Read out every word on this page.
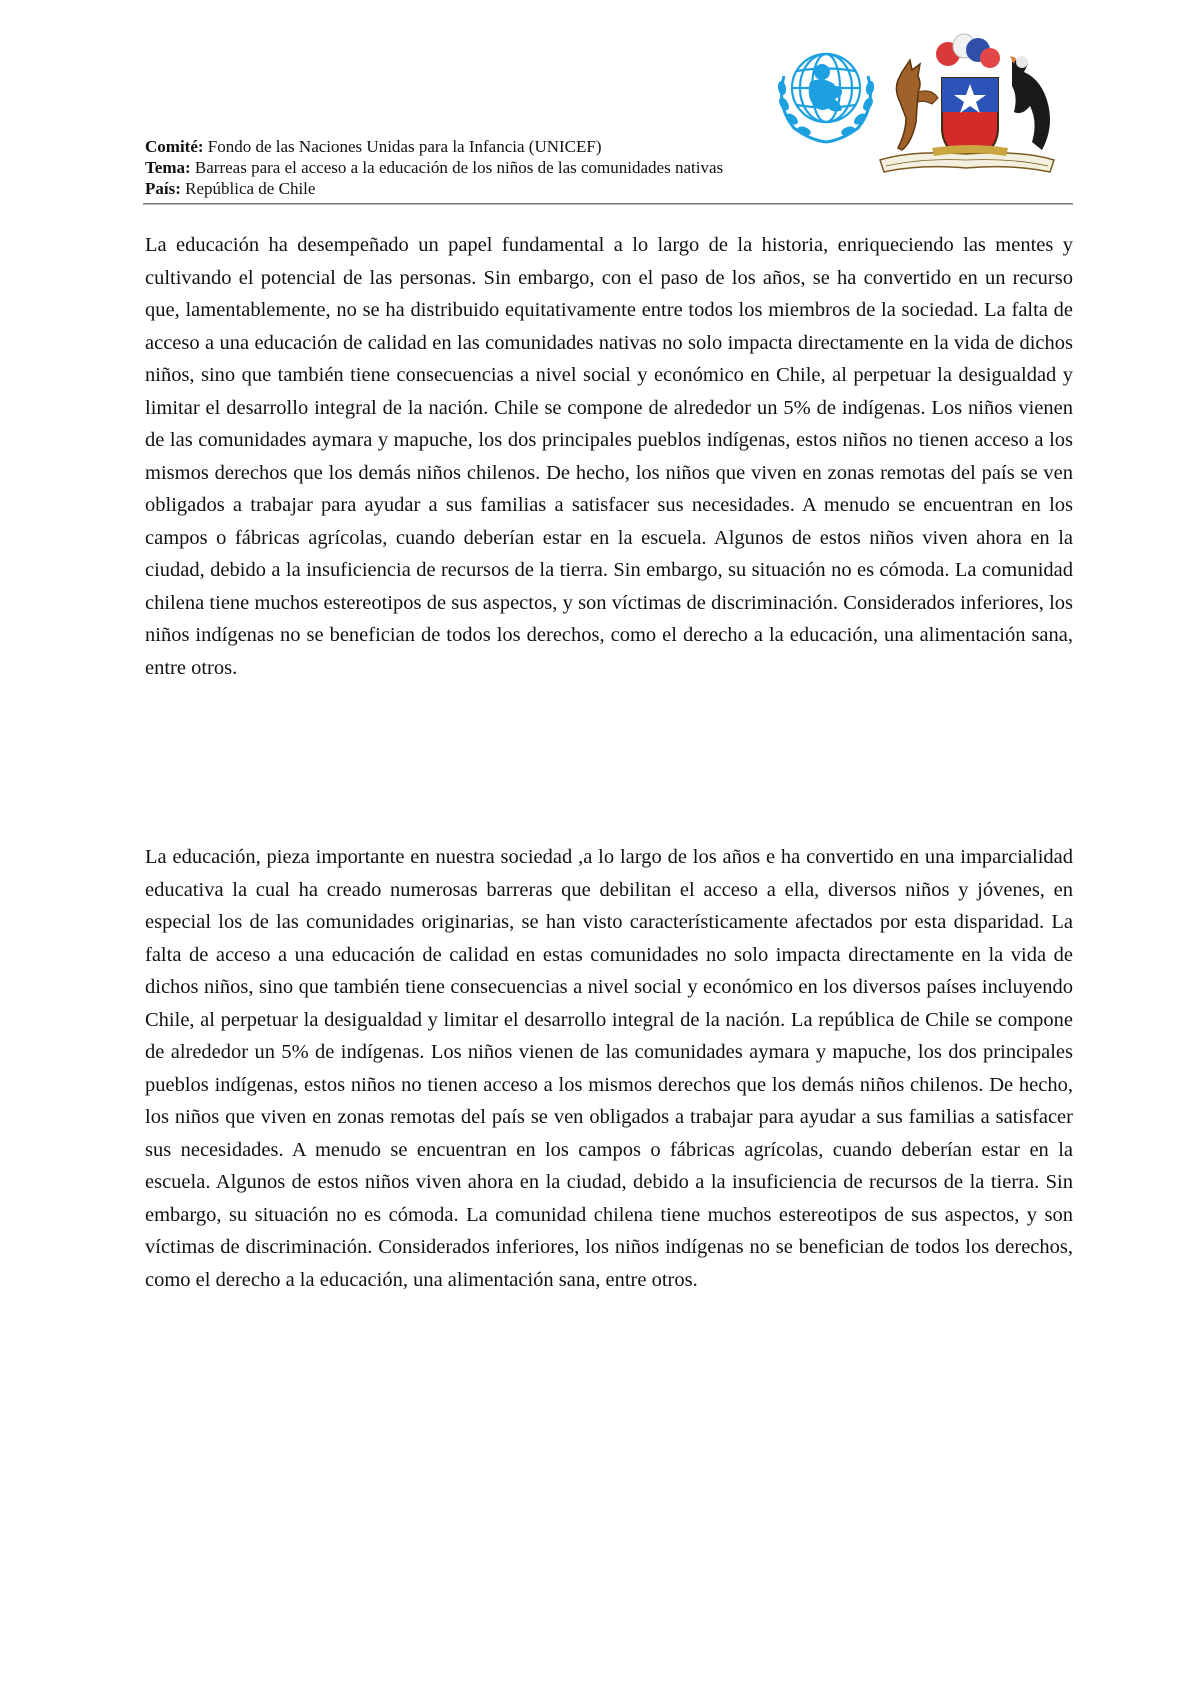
Comité: Fondo de las Naciones Unidas para la Infancia (UNICEF)
Tema: Barreas para el acceso a la educación de los niños de las comunidades nativas
País: República de Chile

La educación ha desempeñado un papel fundamental a lo largo de la historia, enriqueciendo las mentes y cultivando el potencial de las personas. Sin embargo, con el paso de los años, se ha convertido en un recurso que, lamentablemente, no se ha distribuido equitativamente entre todos los miembros de la sociedad. La falta de acceso a una educación de calidad en las comunidades nativas no solo impacta directamente en la vida de dichos niños, sino que también tiene consecuencias a nivel social y económico en Chile, al perpetuar la desigualdad y limitar el desarrollo integral de la nación. Chile se compone de alrededor un 5% de indígenas. Los niños vienen de las comunidades aymara y mapuche, los dos principales pueblos indígenas, estos niños no tienen acceso a los mismos derechos que los demás niños chilenos. De hecho, los niños que viven en zonas remotas del país se ven obligados a trabajar para ayudar a sus familias a satisfacer sus necesidades. A menudo se encuentran en los campos o fábricas agrícolas, cuando deberían estar en la escuela. Algunos de estos niños viven ahora en la ciudad, debido a la insuficiencia de recursos de la tierra. Sin embargo, su situación no es cómoda. La comunidad chilena tiene muchos estereotipos de sus aspectos, y son víctimas de discriminación. Considerados inferiores, los niños indígenas no se benefician de todos los derechos, como el derecho a la educación, una alimentación sana, entre otros.

La educación, pieza importante en nuestra sociedad ,a lo largo de los años e ha convertido en una imparcialidad educativa la cual ha creado numerosas barreras que debilitan el acceso a ella, diversos niños y jóvenes, en especial los de las comunidades originarias, se han visto característicamente afectados por esta disparidad. La falta de acceso a una educación de calidad en estas comunidades no solo impacta directamente en la vida de dichos niños, sino que también tiene consecuencias a nivel social y económico en los diversos países incluyendo Chile, al perpetuar la desigualdad y limitar el desarrollo integral de la nación. La república de Chile se compone de alrededor un 5% de indígenas. Los niños vienen de las comunidades aymara y mapuche, los dos principales pueblos indígenas, estos niños no tienen acceso a los mismos derechos que los demás niños chilenos. De hecho, los niños que viven en zonas remotas del país se ven obligados a trabajar para ayudar a sus familias a satisfacer sus necesidades. A menudo se encuentran en los campos o fábricas agrícolas, cuando deberían estar en la escuela. Algunos de estos niños viven ahora en la ciudad, debido a la insuficiencia de recursos de la tierra. Sin embargo, su situación no es cómoda. La comunidad chilena tiene muchos estereotipos de sus aspectos, y son víctimas de discriminación. Considerados inferiores, los niños indígenas no se benefician de todos los derechos, como el derecho a la educación, una alimentación sana, entre otros.
